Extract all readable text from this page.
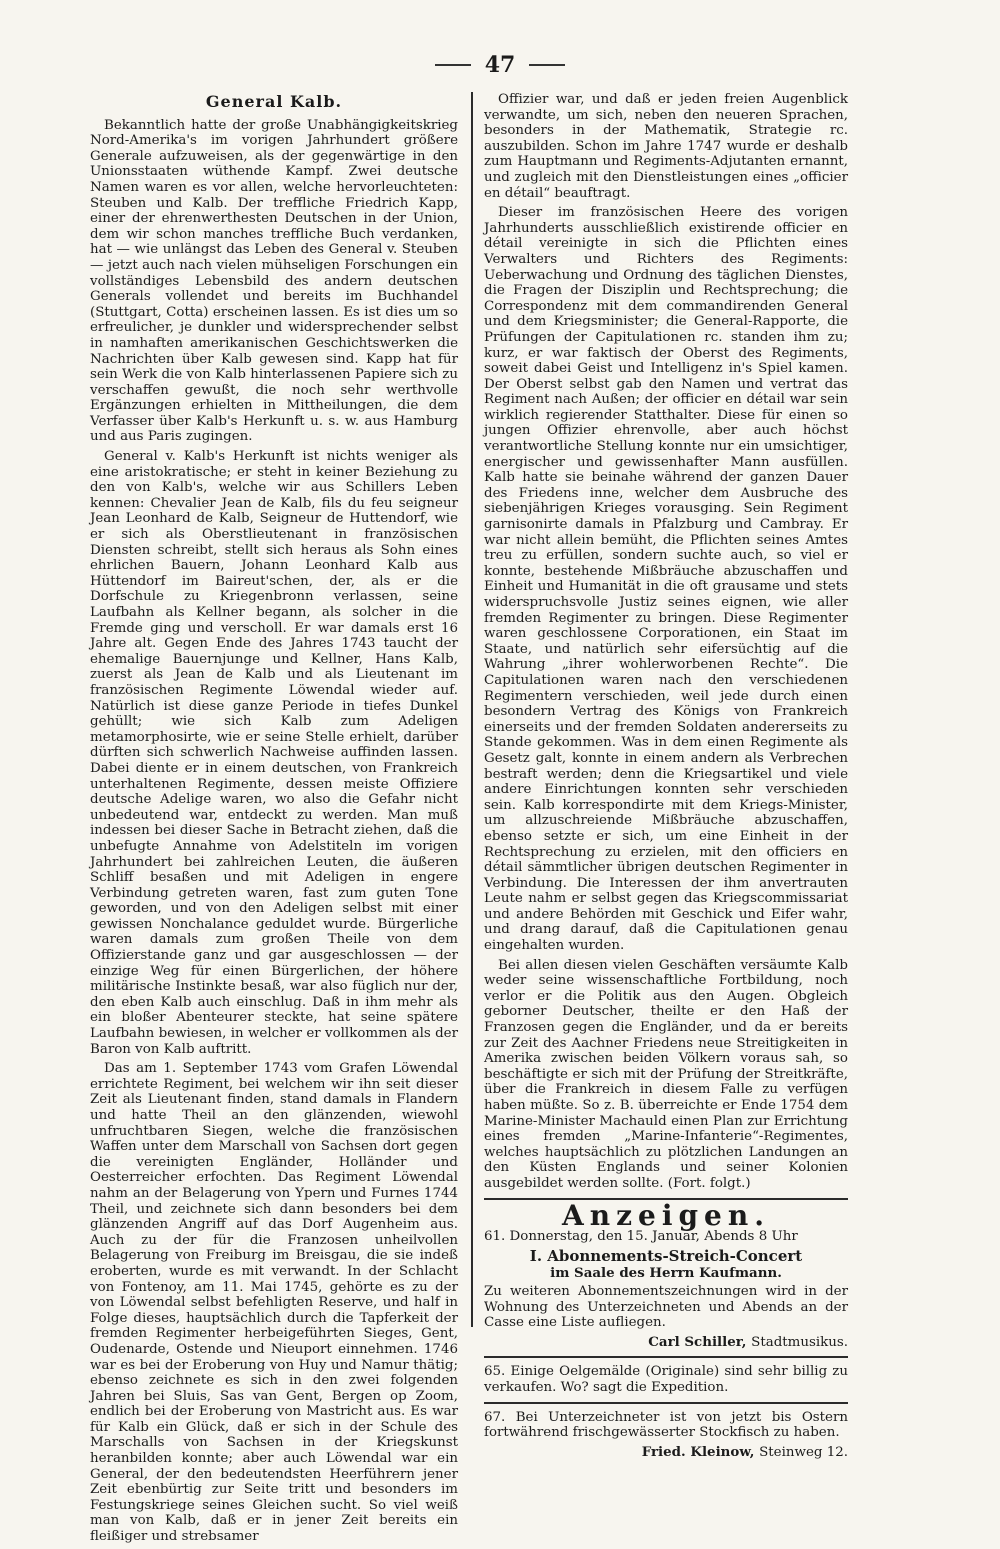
47
General Kalb.

Bekanntlich hatte der große Unabhängigkeitskrieg Nord-Amerika's im vorigen Jahrhundert größere Generale aufzuweisen, als der gegenwärtige in den Unionsstaaten wüthende Kampf. Zwei deutsche Namen waren es vor allen, welche hervorleuchteten: Steuben und Kalb. Der treffliche Friedrich Kapp, einer der ehrenwerthesten Deutschen in der Union, dem wir schon manches treffliche Buch verdanken, hat — wie unlängst das Leben des General v. Steuben — jetzt auch nach vielen mühseligen Forschungen ein vollständiges Lebensbild des andern deutschen Generals vollendet und bereits im Buchhandel (Stuttgart, Cotta) erscheinen lassen. Es ist dies um so erfreulicher, je dunkler und widersprechender selbst in namhaften amerikanischen Geschichtswerken die Nachrichten über Kalb gewesen sind. Kapp hat für sein Werk die von Kalb hinterlassenen Papiere sich zu verschaffen gewußt, die noch sehr werthvolle Ergänzungen erhielten in Mittheilungen, die dem Verfasser über Kalb's Herkunft u. s. w. aus Hamburg und aus Paris zugingen.

General v. Kalb's Herkunft ist nichts weniger als eine aristokratische; er steht in keiner Beziehung zu den von Kalb's, welche wir aus Schillers Leben kennen: Chevalier Jean de Kalb, fils du feu seigneur Jean Leonhard de Kalb, Seigneur de Huttendorf, wie er sich als Oberstlieutenant in französischen Diensten schreibt, stellt sich heraus als Sohn eines ehrlichen Bauern, Johann Leonhard Kalb aus Hüttendorf im Baireut'schen, der, als er die Dorfschule zu Kriegenbronn verlassen, seine Laufbahn als Kellner begann, als solcher in die Fremde ging und verscholl. Er war damals erst 16 Jahre alt. Gegen Ende des Jahres 1743 taucht der ehemalige Bauernjunge und Kellner, Hans Kalb, zuerst als Jean de Kalb und als Lieutenant im französischen Regimente Löwendal wieder auf. Natürlich ist diese ganze Periode in tiefes Dunkel gehüllt; wie sich Kalb zum Adeligen metamorphosirte, wie er seine Stelle erhielt, darüber dürften sich schwerlich Nachweise auffinden lassen. Dabei diente er in einem deutschen, von Frankreich unterhaltenen Regimente, dessen meiste Offiziere deutsche Adelige waren, wo also die Gefahr nicht unbedeutend war, entdeckt zu werden. Man muß indessen bei dieser Sache in Betracht ziehen, daß die unbefugte Annahme von Adelstiteln im vorigen Jahrhundert bei zahlreichen Leuten, die äußeren Schliff besaßen und mit Adeligen in engere Verbindung getreten waren, fast zum guten Tone geworden, und von den Adeligen selbst mit einer gewissen Nonchalance geduldet wurde. Bürgerliche waren damals zum großen Theile von dem Offizierstande ganz und gar ausgeschlossen — der einzige Weg für einen Bürgerlichen, der höhere militärische Instinkte besaß, war also füglich nur der, den eben Kalb auch einschlug. Daß in ihm mehr als ein bloßer Abenteurer steckte, hat seine spätere Laufbahn bewiesen, in welcher er vollkommen als der Baron von Kalb auftritt.

Das am 1. September 1743 vom Grafen Löwendal errichtete Regiment, bei welchem wir ihn seit dieser Zeit als Lieutenant finden, stand damals in Flandern und hatte Theil an den glänzenden, wiewohl unfruchtbaren Siegen, welche die französischen Waffen unter dem Marschall von Sachsen dort gegen die vereinigten Engländer, Holländer und Oesterreicher erfochten. Das Regiment Löwendal nahm an der Belagerung von Ypern und Furnes 1744 Theil, und zeichnete sich dann besonders bei dem glänzenden Angriff auf das Dorf Augenheim aus. Auch zu der für die Franzosen unheilvollen Belagerung von Freiburg im Breisgau, die sie indeß eroberten, wurde es mit verwandt. In der Schlacht von Fontenoy, am 11. Mai 1745, gehörte es zu der von Löwendal selbst befehligten Reserve, und half in Folge dieses, hauptsächlich durch die Tapferkeit der fremden Regimenter herbeigeführten Sieges, Gent, Oudenarde, Ostende und Nieuport einnehmen. 1746 war es bei der Eroberung von Huy und Namur thätig; ebenso zeichnete es sich in den zwei folgenden Jahren bei Sluis, Sas van Gent, Bergen op Zoom, endlich bei der Eroberung von Mastricht aus. Es war für Kalb ein Glück, daß er sich in der Schule des Marschalls von Sachsen in der Kriegskunst heranbilden konnte; aber auch Löwendal war ein General, der den bedeutendsten Heerführern jener Zeit ebenbürtig zur Seite tritt und besonders im Festungskriege seines Gleichen sucht. So viel weiß man von Kalb, daß er in jener Zeit bereits ein fleißiger und strebsamer

Offizier war, und daß er jeden freien Augenblick verwandte, um sich, neben den neueren Sprachen, besonders in der Mathematik, Strategie rc. auszubilden. Schon im Jahre 1747 wurde er deshalb zum Hauptmann und Regiments-Adjutanten ernannt, und zugleich mit den Dienstleistungen eines „officier en détail“ beauftragt.

Dieser im französischen Heere des vorigen Jahrhunderts ausschließlich existirende officier en détail vereinigte in sich die Pflichten eines Verwalters und Richters des Regiments: Ueberwachung und Ordnung des täglichen Dienstes, die Fragen der Disziplin und Rechtsprechung; die Correspondenz mit dem commandirenden General und dem Kriegsminister; die General-Rapporte, die Prüfungen der Capitulationen rc. standen ihm zu; kurz, er war faktisch der Oberst des Regiments, soweit dabei Geist und Intelligenz in's Spiel kamen. Der Oberst selbst gab den Namen und vertrat das Regiment nach Außen; der officier en détail war sein wirklich regierender Statthalter. Diese für einen so jungen Offizier ehrenvolle, aber auch höchst verantwortliche Stellung konnte nur ein umsichtiger, energischer und gewissenhafter Mann ausfüllen. Kalb hatte sie beinahe während der ganzen Dauer des Friedens inne, welcher dem Ausbruche des siebenjährigen Krieges vorausging. Sein Regiment garnisonirte damals in Pfalzburg und Cambray. Er war nicht allein bemüht, die Pflichten seines Amtes treu zu erfüllen, sondern suchte auch, so viel er konnte, bestehende Mißbräuche abzuschaffen und Einheit und Humanität in die oft grausame und stets widerspruchsvolle Justiz seines eignen, wie aller fremden Regimenter zu bringen. Diese Regimenter waren geschlossene Corporationen, ein Staat im Staate, und natürlich sehr eifersüchtig auf die Wahrung „ihrer wohlerworbenen Rechte“. Die Capitulationen waren nach den verschiedenen Regimentern verschieden, weil jede durch einen besondern Vertrag des Königs von Frankreich einerseits und der fremden Soldaten andererseits zu Stande gekommen. Was in dem einen Regimente als Gesetz galt, konnte in einem andern als Verbrechen bestraft werden; denn die Kriegsartikel und viele andere Einrichtungen konnten sehr verschieden sein. Kalb korrespondirte mit dem Kriegs-Minister, um allzuschreiende Mißbräuche abzuschaffen, ebenso setzte er sich, um eine Einheit in der Rechtsprechung zu erzielen, mit den officiers en détail sämmtlicher übrigen deutschen Regimenter in Verbindung. Die Interessen der ihm anvertrauten Leute nahm er selbst gegen das Kriegscommissariat und andere Behörden mit Geschick und Eifer wahr, und drang darauf, daß die Capitulationen genau eingehalten wurden.

Bei allen diesen vielen Geschäften versäumte Kalb weder seine wissenschaftliche Fortbildung, noch verlor er die Politik aus den Augen. Obgleich geborner Deutscher, theilte er den Haß der Franzosen gegen die Engländer, und da er bereits zur Zeit des Aachner Friedens neue Streitigkeiten in Amerika zwischen beiden Völkern voraus sah, so beschäftigte er sich mit der Prüfung der Streitkräfte, über die Frankreich in diesem Falle zu verfügen haben müßte. So z. B. überreichte er Ende 1754 dem Marine-Minister Machauld einen Plan zur Errichtung eines fremden „Marine-Infanterie“-Regimentes, welches hauptsächlich zu plötzlichen Landungen an den Küsten Englands und seiner Kolonien ausgebildet werden sollte. (Fort. folgt.)

Anzeigen.

61. Donnerstag, den 15. Januar, Abends 8 Uhr

I. Abonnements-Streich-Concert
im Saale des Herrn Kaufmann.

Zu weiteren Abonnementszeichnungen wird in der Wohnung des Unterzeichneten und Abends an der Casse eine Liste aufliegen.

Carl Schiller, Stadtmusikus.

65. Einige Oelgemälde (Originale) sind sehr billig zu verkaufen. Wo? sagt die Expedition.

67. Bei Unterzeichneter ist von jetzt bis Ostern fortwährend frischgewässerter Stockfisch zu haben.

Fried. Kleinow, Steinweg 12.
